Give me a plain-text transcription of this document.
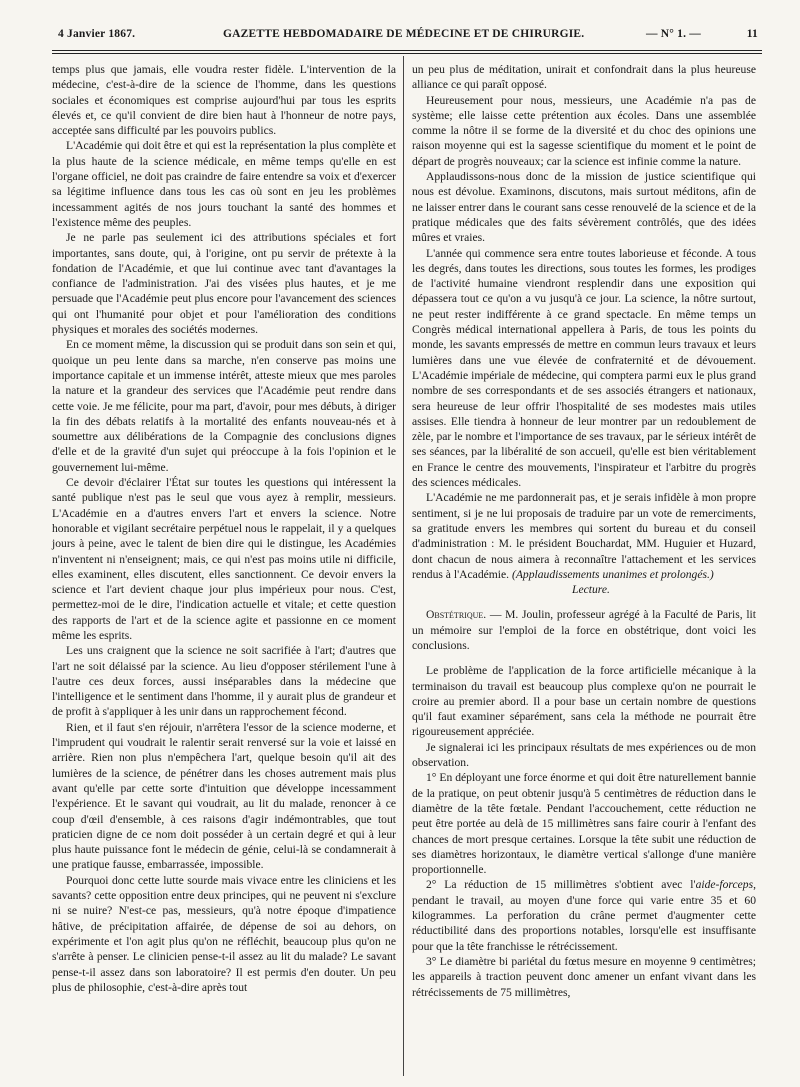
4 Janvier 1867.	GAZETTE HEBDOMADAIRE DE MÉDECINE ET DE CHIRURGIE.	— N° 1. —	11

temps plus que jamais, elle voudra rester fidèle. L'intervention de la médecine, c'est-à-dire de la science de l'homme, dans les questions sociales et économiques est comprise aujourd'hui par tous les esprits élevés et, ce qu'il convient de dire bien haut à l'honneur de notre pays, acceptée sans difficulté par les pouvoirs publics.

L'Académie qui doit être et qui est la représentation la plus complète et la plus haute de la science médicale, en même temps qu'elle en est l'organe officiel, ne doit pas craindre de faire entendre sa voix et d'exercer sa légitime influence dans tous les cas où sont en jeu les problèmes incessamment agités de nos jours touchant la santé des hommes et l'existence même des peuples.

Je ne parle pas seulement ici des attributions spéciales et fort importantes, sans doute, qui, à l'origine, ont pu servir de prétexte à la fondation de l'Académie, et que lui continue avec tant d'avantages la confiance de l'administration. J'ai des visées plus hautes, et je me persuade que l'Académie peut plus encore pour l'avancement des sciences qui ont l'humanité pour objet et pour l'amélioration des conditions physiques et morales des sociétés modernes.

En ce moment même, la discussion qui se produit dans son sein et qui, quoique un peu lente dans sa marche, n'en conserve pas moins une importance capitale et un immense intérêt, atteste mieux que mes paroles la nature et la grandeur des services que l'Académie peut rendre dans cette voie. Je me félicite, pour ma part, d'avoir, pour mes débuts, à diriger la fin des débats relatifs à la mortalité des enfants nouveau-nés et à soumettre aux délibérations de la Compagnie des conclusions dignes d'elle et de la gravité d'un sujet qui préoccupe à la fois l'opinion et le gouvernement lui-même.

Ce devoir d'éclairer l'État sur toutes les questions qui intéressent la santé publique n'est pas le seul que vous ayez à remplir, messieurs. L'Académie en a d'autres envers l'art et envers la science. Notre honorable et vigilant secrétaire perpétuel nous le rappelait, il y a quelques jours à peine, avec le talent de bien dire qui le distingue, les Académies n'inventent ni n'enseignent; mais, ce qui n'est pas moins utile ni difficile, elles examinent, elles discutent, elles sanctionnent. Ce devoir envers la science et l'art devient chaque jour plus impérieux pour nous. C'est, permettez-moi de le dire, l'indication actuelle et vitale; et cette question des rapports de l'art et de la science agite et passionne en ce moment même les esprits.

Les uns craignent que la science ne soit sacrifiée à l'art; d'autres que l'art ne soit délaissé par la science. Au lieu d'opposer stérilement l'une à l'autre ces deux forces, aussi inséparables dans la médecine que l'intelligence et le sentiment dans l'homme, il y aurait plus de grandeur et de profit à s'appliquer à les unir dans un rapprochement fécond.

Rien, et il faut s'en réjouir, n'arrêtera l'essor de la science moderne, et l'imprudent qui voudrait le ralentir serait renversé sur la voie et laissé en arrière. Rien non plus n'empêchera l'art, quelque besoin qu'il ait des lumières de la science, de pénétrer dans les choses autrement mais plus avant qu'elle par cette sorte d'intuition que développe incessamment l'expérience. Et le savant qui voudrait, au lit du malade, renoncer à ce coup d'œil d'ensemble, à ces raisons d'agir indémontrables, que tout praticien digne de ce nom doit posséder à un certain degré et qui à leur plus haute puissance font le médecin de génie, celui-là se condamnerait à une pratique fausse, embarrassée, impossible.

Pourquoi donc cette lutte sourde mais vivace entre les cliniciens et les savants? cette opposition entre deux principes, qui ne peuvent ni s'exclure ni se nuire? N'est-ce pas, messieurs, qu'à notre époque d'impatience hâtive, de précipitation affairée, de dépense de soi au dehors, on expérimente et l'on agit plus qu'on ne réfléchit, beaucoup plus qu'on ne s'arrête à penser. Le clinicien pense-t-il assez au lit du malade? Le savant pense-t-il assez dans son laboratoire? Il est permis d'en douter. Un peu plus de philosophie, c'est-à-dire après tout

un peu plus de méditation, unirait et confondrait dans la plus heureuse alliance ce qui paraît opposé.

Heureusement pour nous, messieurs, une Académie n'a pas de système; elle laisse cette prétention aux écoles. Dans une assemblée comme la nôtre il se forme de la diversité et du choc des opinions une raison moyenne qui est la sagesse scientifique du moment et le point de départ de progrès nouveaux; car la science est infinie comme la nature.

Applaudissons-nous donc de la mission de justice scientifique qui nous est dévolue. Examinons, discutons, mais surtout méditons, afin de ne laisser entrer dans le courant sans cesse renouvelé de la science et de la pratique médicales que des faits sévèrement contrôlés, que des idées mûres et vraies.

L'année qui commence sera entre toutes laborieuse et féconde. A tous les degrés, dans toutes les directions, sous toutes les formes, les prodiges de l'activité humaine viendront resplendir dans une exposition qui dépassera tout ce qu'on a vu jusqu'à ce jour. La science, la nôtre surtout, ne peut rester indifférente à ce grand spectacle. En même temps un Congrès médical international appellera à Paris, de tous les points du monde, les savants empressés de mettre en commun leurs travaux et leurs lumières dans une vue élevée de confraternité et de dévouement. L'Académie impériale de médecine, qui comptera parmi eux le plus grand nombre de ses correspondants et de ses associés étrangers et nationaux, sera heureuse de leur offrir l'hospitalité de ses modestes mais utiles assises. Elle tiendra à honneur de leur montrer par un redoublement de zèle, par le nombre et l'importance de ses travaux, par le sérieux intérêt de ses séances, par la libéralité de son accueil, qu'elle est bien véritablement en France le centre des mouvements, l'inspirateur et l'arbitre du progrès des sciences médicales.

L'Académie ne me pardonnerait pas, et je serais infidèle à mon propre sentiment, si je ne lui proposais de traduire par un vote de remerciments, sa gratitude envers les membres qui sortent du bureau et du conseil d'administration : M. le président Bouchardat, MM. Huguier et Huzard, dont chacun de nous aimera à reconnaître l'attachement et les services rendus à l'Académie. (Applaudissements unanimes et prolongés.)

Lecture.

Obstétrique. — M. Joulin, professeur agrégé à la Faculté de Paris, lit un mémoire sur l'emploi de la force en obstétrique, dont voici les conclusions.

Le problème de l'application de la force artificielle mécanique à la terminaison du travail est beaucoup plus complexe qu'on ne pourrait le croire au premier abord. Il a pour base un certain nombre de questions qu'il faut examiner séparément, sans cela la méthode ne pourrait être rigoureusement appréciée.

Je signalerai ici les principaux résultats de mes expériences ou de mon observation.

1° En déployant une force énorme et qui doit être naturellement bannie de la pratique, on peut obtenir jusqu'à 5 centimètres de réduction dans le diamètre de la tête fœtale. Pendant l'accouchement, cette réduction ne peut être portée au delà de 15 millimètres sans faire courir à l'enfant des chances de mort presque certaines. Lorsque la tête subit une réduction de ses diamètres horizontaux, le diamètre vertical s'allonge d'une manière proportionnelle.

2° La réduction de 15 millimètres s'obtient avec l'aide-forceps, pendant le travail, au moyen d'une force qui varie entre 35 et 60 kilogrammes. La perforation du crâne permet d'augmenter cette réductibilité dans des proportions notables, lorsqu'elle est insuffisante pour que la tête franchisse le rétrécissement.

3° Le diamètre bi pariétal du fœtus mesure en moyenne 9 centimètres; les appareils à traction peuvent donc amener un enfant vivant dans les rétrécissements de 75 millimètres,
